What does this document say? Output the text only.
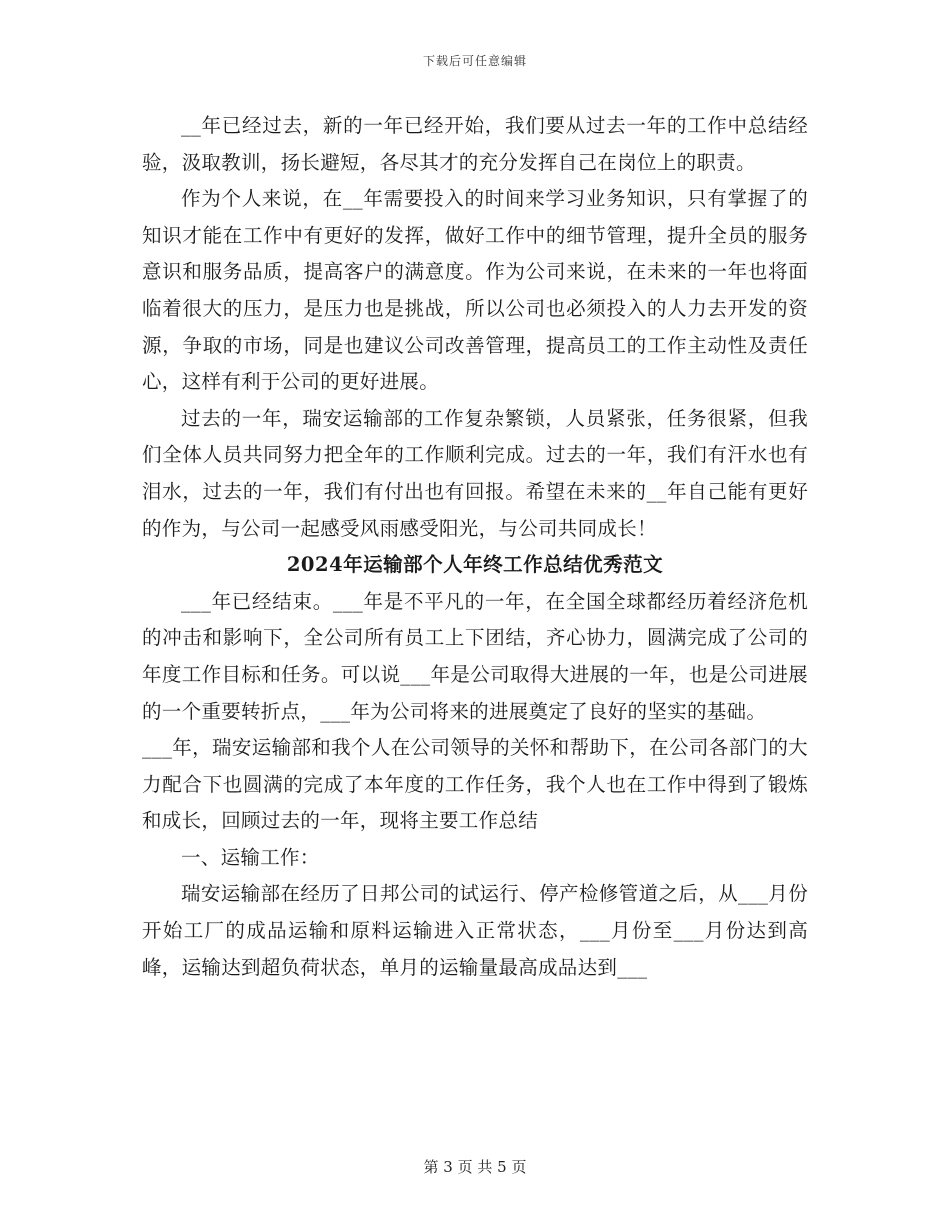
下载后可任意编辑

__年已经过去，新的一年已经开始，我们要从过去一年的工作中总结经验，汲取教训，扬长避短，各尽其才的充分发挥自己在岗位上的职责。

作为个人来说，在__年需要投入的时间来学习业务知识，只有掌握了的知识才能在工作中有更好的发挥，做好工作中的细节管理，提升全员的服务意识和服务品质，提高客户的满意度。作为公司来说，在未来的一年也将面临着很大的压力，是压力也是挑战，所以公司也必须投入的人力去开发的资源，争取的市场，同是也建议公司改善管理，提高员工的工作主动性及责任心，这样有利于公司的更好进展。

过去的一年，瑞安运输部的工作复杂繁锁，人员紧张，任务很紧，但我们全体人员共同努力把全年的工作顺利完成。过去的一年，我们有汗水也有泪水，过去的一年，我们有付出也有回报。希望在未来的__年自己能有更好的作为，与公司一起感受风雨感受阳光，与公司共同成长！

2024年运输部个人年终工作总结优秀范文

___年已经结束。___年是不平凡的一年，在全国全球都经历着经济危机的冲击和影响下，全公司所有员工上下团结，齐心协力，圆满完成了公司的年度工作目标和任务。可以说___年是公司取得大进展的一年，也是公司进展的一个重要转折点，___年为公司将来的进展奠定了良好的坚实的基础。

___年，瑞安运输部和我个人在公司领导的关怀和帮助下，在公司各部门的大力配合下也圆满的完成了本年度的工作任务，我个人也在工作中得到了锻炼和成长，回顾过去的一年，现将主要工作总结

一、运输工作：

瑞安运输部在经历了日邦公司的试运行、停产检修管道之后，从___月份开始工厂的成品运输和原料运输进入正常状态，___月份至___月份达到高峰，运输达到超负荷状态，单月的运输量最高成品达到___

第 3 页 共 5 页
